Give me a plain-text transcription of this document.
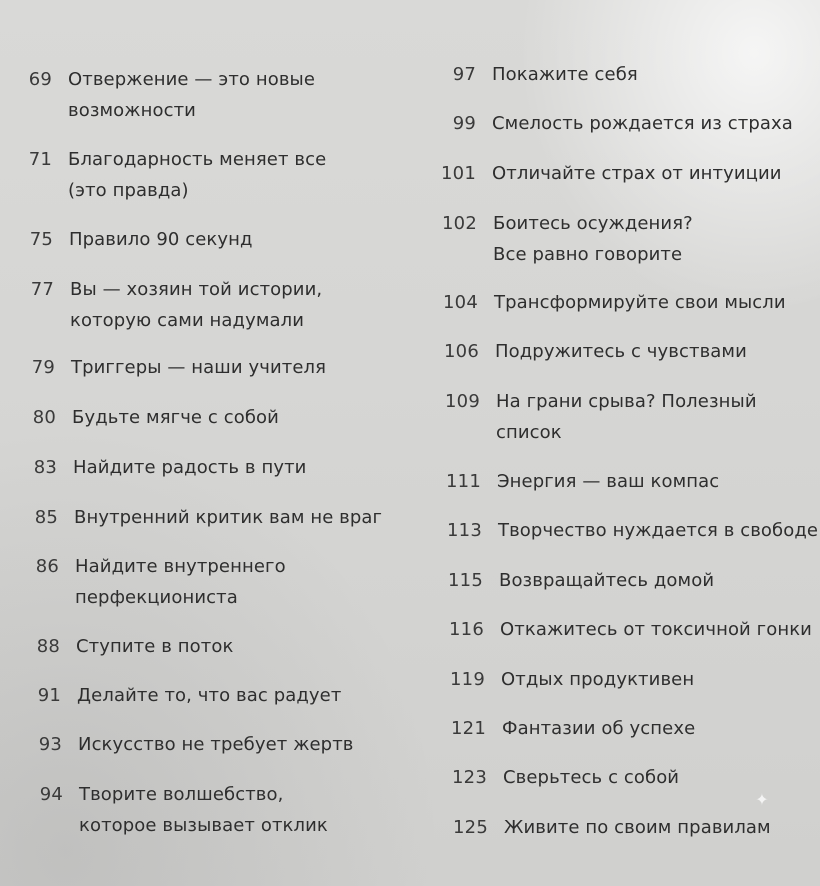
69 Отвержение — это новые
возможности
71 Благодарность меняет все
(это правда)
75 Правило 90 секунд
77 Вы — хозяин той истории,
которую сами надумали
79 Триггеры — наши учителя
80 Будьте мягче с собой
83 Найдите радость в пути
85 Внутренний критик вам не враг
86 Найдите внутреннего
перфекциониста
88 Ступите в поток
91 Делайте то, что вас радует
93 Искусство не требует жертв
94 Творите волшебство,
которое вызывает отклик
97 Покажите себя
99 Смелость рождается из страха
101 Отличайте страх от интуиции
102 Боитесь осуждения?
Все равно говорите
104 Трансформируйте свои мысли
106 Подружитесь с чувствами
109 На грани срыва? Полезный
список
111 Энергия — ваш компас
113 Творчество нуждается в свободе
115 Возвращайтесь домой
116 Откажитесь от токсичной гонки
119 Отдых продуктивен
121 Фантазии об успехе
123 Сверьтесь с собой
125 Живите по своим правилам
✦
